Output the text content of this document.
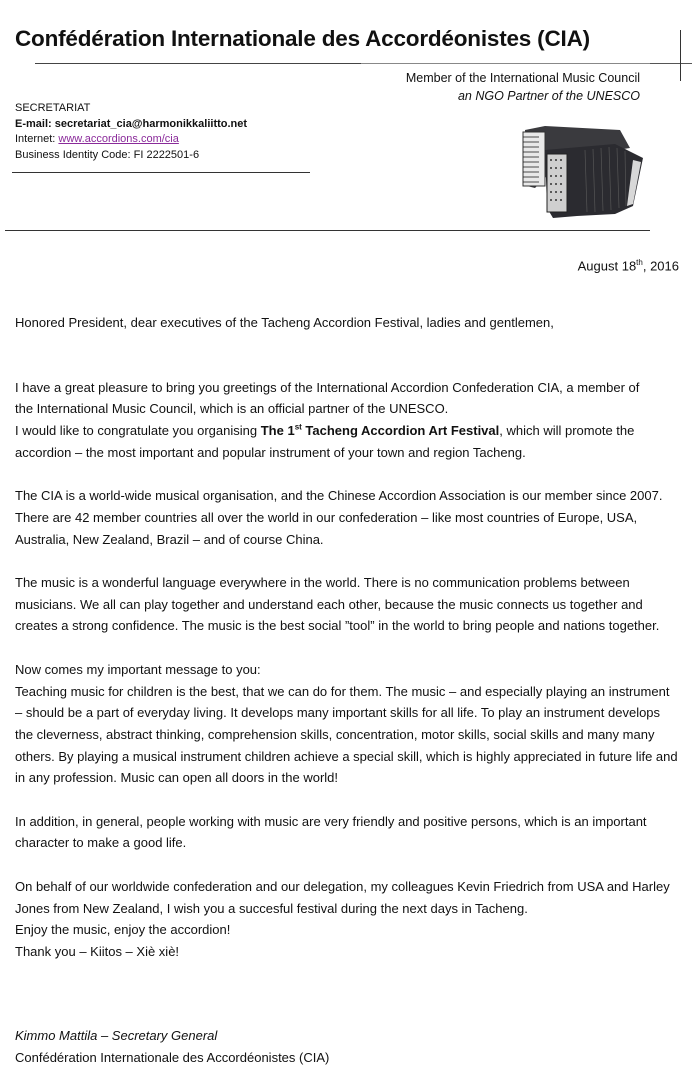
Confédération Internationale des Accordéonistes (CIA)
Member of the International Music Council
an NGO Partner of the UNESCO
SECRETARIAT
E-mail: secretariat_cia@harmonikkaliitto.net
Internet: www.accordions.com/cia
Business Identity Code: FI 2222501-6
August 18th, 2016

Honored President, dear executives of the Tacheng Accordion Festival, ladies and gentlemen,

I have a great pleasure to bring you greetings of the International Accordion Confederation CIA, a member of the International Music Council, which is an official partner of the UNESCO.

I would like to congratulate you organising The 1st Tacheng Accordion Art Festival, which will promote the accordion – the most important and popular instrument of your town and region Tacheng.

The CIA is a world-wide musical organisation, and the Chinese Accordion Association is our member since 2007. There are 42 member countries all over the world in our confederation – like most countries of Europe, USA, Australia, New Zealand, Brazil – and of course China.

The music is a wonderful language everywhere in the world. There is no communication problems between musicians. We all can play together and understand each other, because the music connects us together and creates a strong confidence. The music is the best social ”tool” in the world to bring people and nations together.

Now comes my important message to you:

Teaching music for children is the best, that we can do for them. The music – and especially playing an instrument – should be a part of everyday living. It develops many important skills for all life. To play an instrument develops the cleverness, abstract thinking, comprehension skills, concentration, motor skills, social skills and many many others. By playing a musical instrument children achieve a special skill, which is highly appreciated in future life and in any profession. Music can open all doors in the world!

In addition, in general, people working with music are very friendly and positive persons, which is an important character to make a good life.

On behalf of our worldwide confederation and our delegation, my colleagues Kevin Friedrich from USA and Harley Jones from New Zealand, I wish you a succesful festival during the next days in Tacheng.

Enjoy the music, enjoy the accordion!

Thank you – Kiitos – Xiè xiè!

Kimmo Mattila – Secretary General
Confédération Internationale des Accordéonistes (CIA)
